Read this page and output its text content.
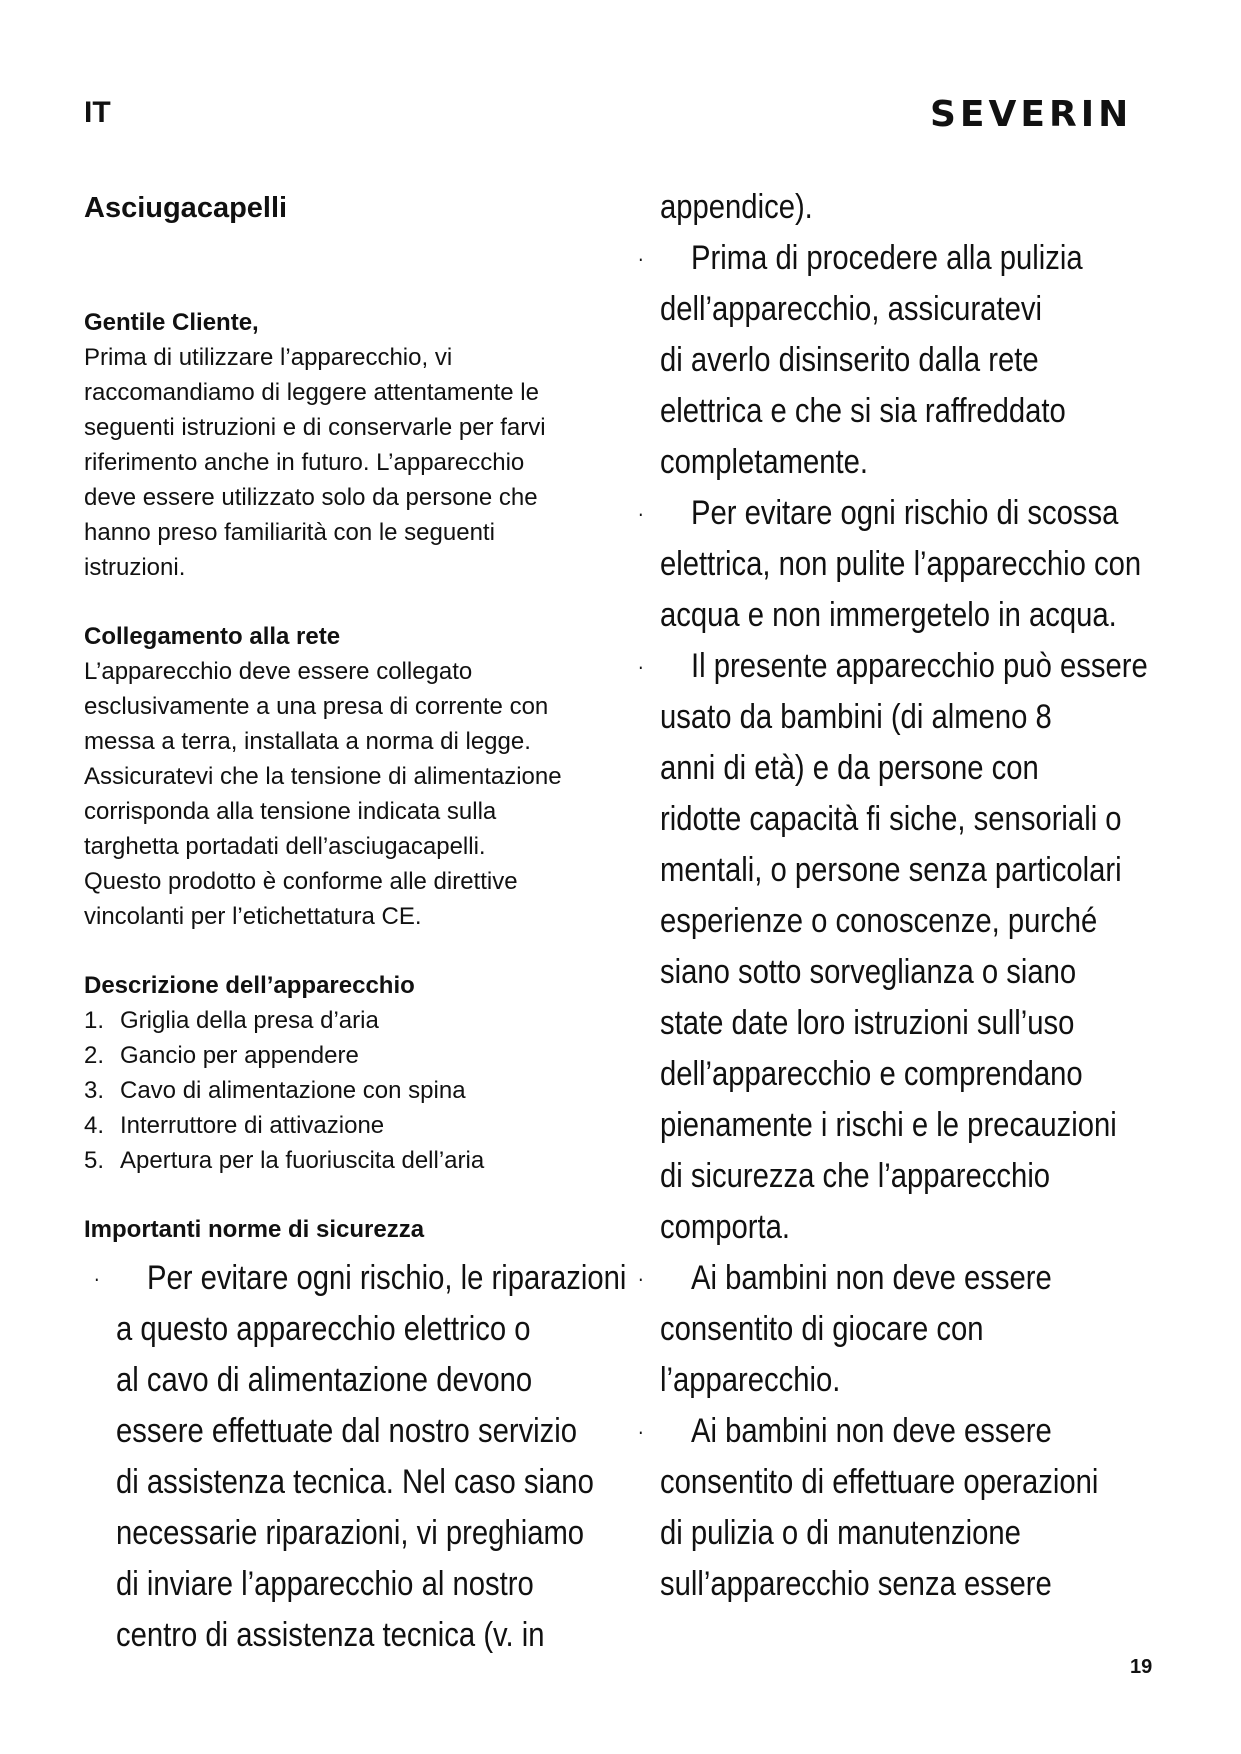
IT	SEVERIN
Asciugacapelli
Gentile Cliente,
Prima di utilizzare l’apparecchio, vi
raccomandiamo di leggere attentamente le
seguenti istruzioni e di conservarle per farvi
riferimento anche in futuro. L’apparecchio
deve essere utilizzato solo da persone che
hanno preso familiarità con le seguenti
istruzioni.
Collegamento alla rete
L’apparecchio deve essere collegato
esclusivamente a una presa di corrente con
messa a terra, installata a norma di legge.
Assicuratevi che la tensione di alimentazione
corrisponda alla tensione indicata sulla
targhetta portadati dell’asciugacapelli.
Questo prodotto è conforme alle direttive
vincolanti per l’etichettatura CE.
Descrizione dell’apparecchio
1. Griglia della presa d’aria
2. Gancio per appendere
3. Cavo di alimentazione con spina
4. Interruttore di attivazione
5. Apertura per la fuoriuscita dell’aria
Importanti norme di sicurezza
·	Per evitare ogni rischio, le riparazioni
a questo apparecchio elettrico o
al cavo di alimentazione devono
essere effettuate dal nostro servizio
di assistenza tecnica. Nel caso siano
necessarie riparazioni, vi preghiamo
di inviare l’apparecchio al nostro
centro di assistenza tecnica (v. in
appendice).
·	Prima di procedere alla pulizia
dell’apparecchio, assicuratevi
di averlo disinserito dalla rete
elettrica e che si sia raffreddato
completamente.
·	Per evitare ogni rischio di scossa
elettrica, non pulite l’apparecchio con
acqua e non immergetelo in acqua.
·	Il presente apparecchio può essere
usato da bambini (di almeno 8
anni di età) e da persone con
ridotte capacità fi siche, sensoriali o
mentali, o persone senza particolari
esperienze o conoscenze, purché
siano sotto sorveglianza o siano
state date loro istruzioni sull’uso
dell’apparecchio e comprendano
pienamente i rischi e le precauzioni
di sicurezza che l’apparecchio
comporta.
·	Ai bambini non deve essere
consentito di giocare con
l’apparecchio.
·	Ai bambini non deve essere
consentito di effettuare operazioni
di pulizia o di manutenzione
sull’apparecchio senza essere
19
